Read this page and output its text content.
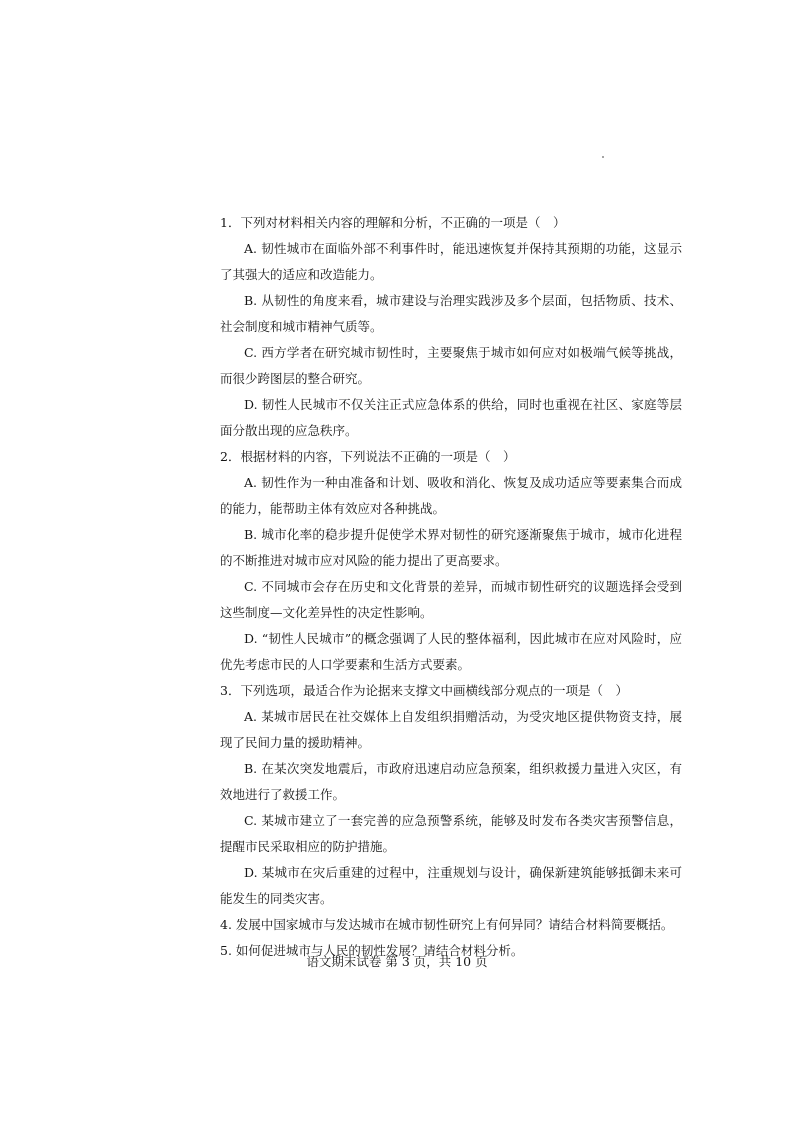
1．下列对材料相关内容的理解和分析，不正确的一项是（　）

A. 韧性城市在面临外部不利事件时，能迅速恢复并保持其预期的功能，这显示了其强大的适应和改造能力。

B. 从韧性的角度来看，城市建设与治理实践涉及多个层面，包括物质、技术、社会制度和城市精神气质等。

C. 西方学者在研究城市韧性时，主要聚焦于城市如何应对如极端气候等挑战，而很少跨图层的整合研究。

D. 韧性人民城市不仅关注正式应急体系的供给，同时也重视在社区、家庭等层面分散出现的应急秩序。

2．根据材料的内容，下列说法不正确的一项是（　）

A. 韧性作为一种由准备和计划、吸收和消化、恢复及成功适应等要素集合而成的能力，能帮助主体有效应对各种挑战。

B. 城市化率的稳步提升促使学术界对韧性的研究逐渐聚焦于城市，城市化进程的不断推进对城市应对风险的能力提出了更高要求。

C. 不同城市会存在历史和文化背景的差异，而城市韧性研究的议题选择会受到这些制度—文化差异性的决定性影响。

D. “韧性人民城市”的概念强调了人民的整体福利，因此城市在应对风险时，应优先考虑市民的人口学要素和生活方式要素。

3．下列选项，最适合作为论据来支撑文中画横线部分观点的一项是（　）

A. 某城市居民在社交媒体上自发组织捐赠活动，为受灾地区提供物资支持，展现了民间力量的援助精神。

B. 在某次突发地震后，市政府迅速启动应急预案，组织救援力量进入灾区，有效地进行了救援工作。

C. 某城市建立了一套完善的应急预警系统，能够及时发布各类灾害预警信息，提醒市民采取相应的防护措施。

D. 某城市在灾后重建的过程中，注重规划与设计，确保新建筑能够抵御未来可能发生的同类灾害。

4. 发展中国家城市与发达城市在城市韧性研究上有何异同？请结合材料简要概括。

5. 如何促进城市与人民的韧性发展？请结合材料分析。

语文期末试卷 第 3 页，共 10 页
